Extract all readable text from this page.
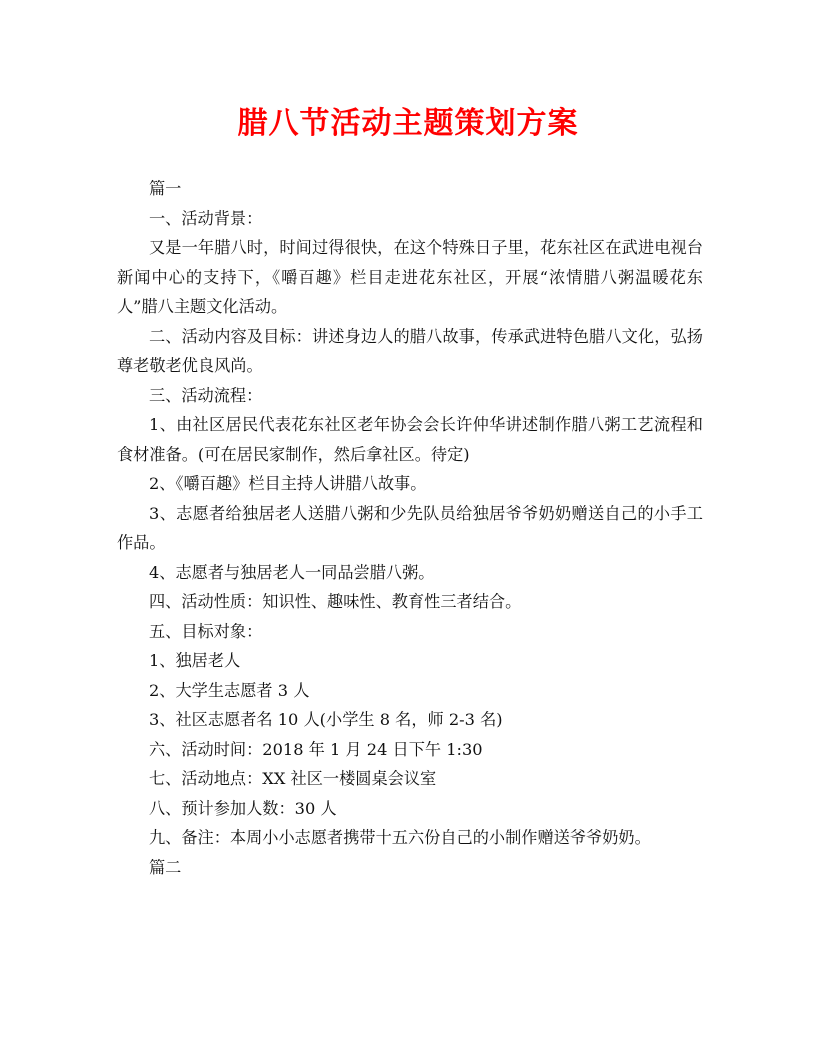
腊八节活动主题策划方案

篇一

一、活动背景：

又是一年腊八时，时间过得很快，在这个特殊日子里，花东社区在武进电视台新闻中心的支持下，《嚼百趣》栏目走进花东社区，开展“浓情腊八粥温暖花东人”腊八主题文化活动。

二、活动内容及目标：讲述身边人的腊八故事，传承武进特色腊八文化，弘扬尊老敬老优良风尚。

三、活动流程：

1、由社区居民代表花东社区老年协会会长许仲华讲述制作腊八粥工艺流程和食材准备。(可在居民家制作，然后拿社区。待定)

2、《嚼百趣》栏目主持人讲腊八故事。

3、志愿者给独居老人送腊八粥和少先队员给独居爷爷奶奶赠送自己的小手工作品。

4、志愿者与独居老人一同品尝腊八粥。

四、活动性质：知识性、趣味性、教育性三者结合。

五、目标对象：

1、独居老人

2、大学生志愿者 3 人

3、社区志愿者名 10 人(小学生 8 名，师 2-3 名)

六、活动时间：2018 年 1 月 24 日下午 1:30

七、活动地点：XX 社区一楼圆桌会议室

八、预计参加人数：30 人

九、备注：本周小小志愿者携带十五六份自己的小制作赠送爷爷奶奶。

篇二
